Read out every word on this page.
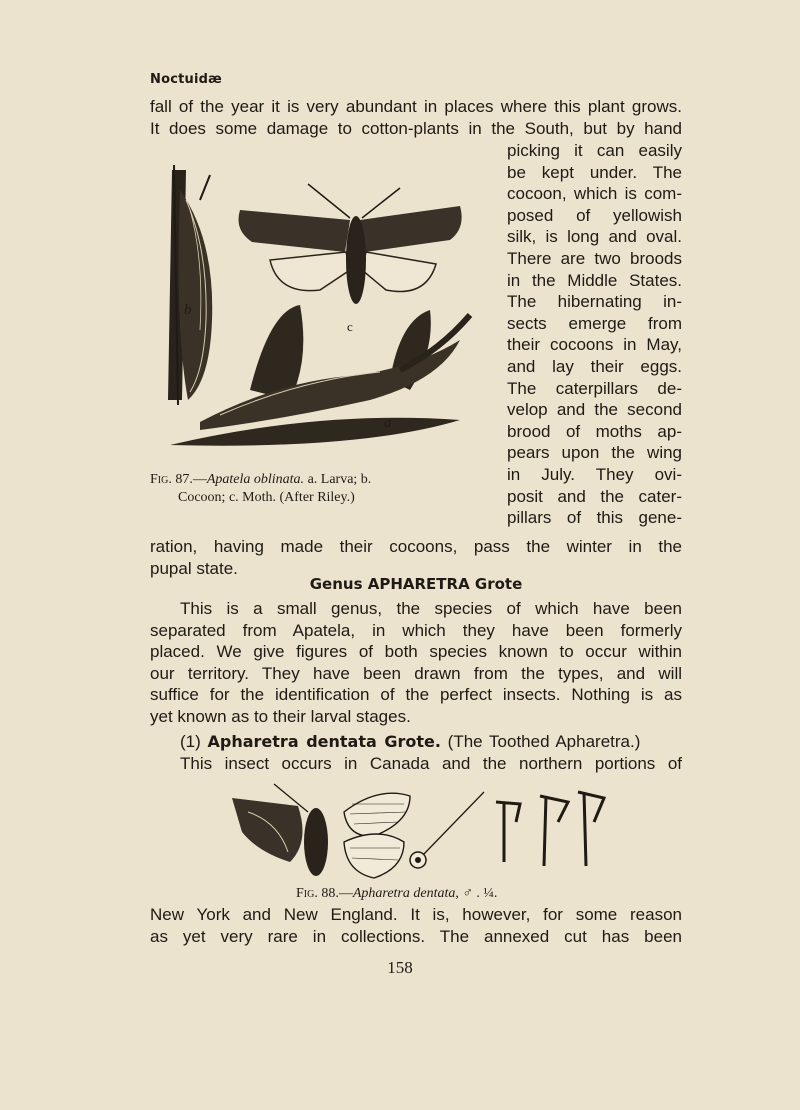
Noctuidæ
fall of the year it is very abundant in places where this plant grows.
It does some damage to cotton-plants in the South, but by hand
picking it can easily
be kept under. The
cocoon, which is com-
posed of yellowish
silk, is long and oval.
There are two broods
in the Middle States.
The hibernating in-
sects emerge from
their cocoons in May,
and lay their eggs.
The caterpillars de-
velop and the second
brood of moths ap-
pears upon the wing
in July. They ovi-
posit and the cater-
pillars of this gene-
b
c
a
Fig. 87.—Apatela oblinata. a. Larva; b.
Cocoon; c. Moth. (After Riley.)
ration, having made their cocoons, pass the winter in the
pupal state.
Genus APHARETRA Grote
This is a small genus, the species of which have been
separated from Apatela, in which they have been formerly
placed. We give figures of both species known to occur within
our territory. They have been drawn from the types, and will
suffice for the identification of the perfect insects. Nothing is as
yet known as to their larval stages.
(1) Apharetra dentata Grote. (The Toothed Apharetra.)
This insect occurs in Canada and the northern portions of
Fig. 88.—Apharetra dentata, ♂ . ¼.
New York and New England. It is, however, for some reason
as yet very rare in collections. The annexed cut has been
158
